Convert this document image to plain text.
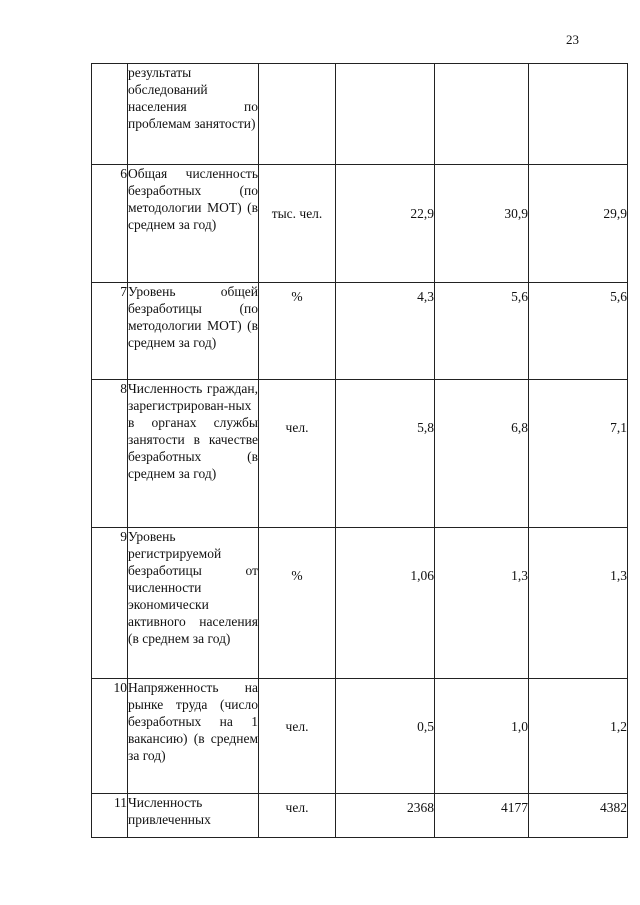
23
	результаты обследований населения по проблемам занятости)				
6	Общая численность безработных (по методологии МОТ) (в среднем за год)	тыс. чел.	22,9	30,9	29,9
7	Уровень общей безработицы (по методологии МОТ) (в среднем за год)	%	4,3	5,6	5,6
8	Численность граждан, зарегистрирован-ных в органах службы занятости в качестве безработных (в среднем за год)	чел.	5,8	6,8	7,1
9	Уровень регистрируемой безработицы от численности экономически активного населения (в среднем за год)	%	1,06	1,3	1,3
10	Напряженность на рынке труда (число безработных на 1 вакансию) (в среднем за год)	чел.	0,5	1,0	1,2
11	Численность привлеченных	чел.	2368	4177	4382
